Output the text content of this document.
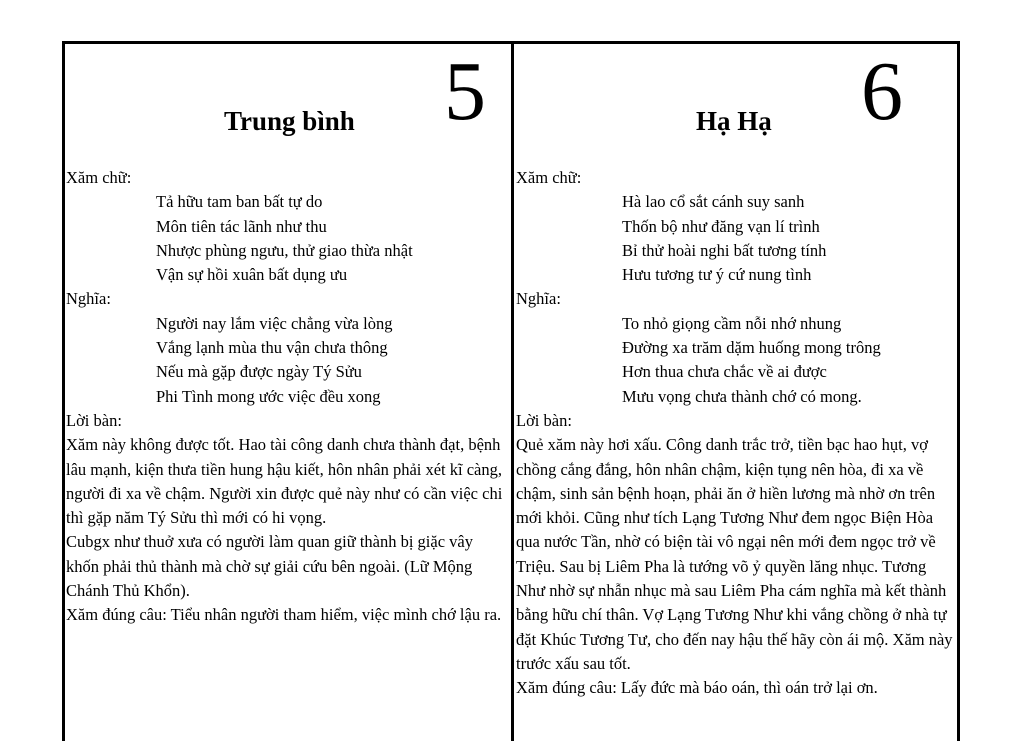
Trung bình 5
Xăm chữ:
Tả hữu tam ban bất tự do
Môn tiên tác lãnh như thu
Nhược phùng ngưu, thử giao thừa nhật
Vận sự hồi xuân bất dụng ưu
Nghĩa:
Người nay lắm việc chẳng vừa lòng
Vắng lạnh mùa thu vận chưa thông
Nếu mà gặp được ngày Tý Sửu
Phi Tình mong ước việc đều xong
Lời bàn:

Xăm này không được tốt. Hao tài công danh chưa thành đạt, bệnh lâu mạnh, kiện thưa tiền hung hậu kiết, hôn nhân phải xét kĩ càng, người đi xa về chậm. Người xin được quẻ này như có cần việc chi thì gặp năm Tý Sửu thì mới có hi vọng.

Cubgx như thuở xưa có người làm quan giữ thành bị giặc vây khốn phải thủ thành mà chờ sự giải cứu bên ngoài. (Lữ Mộng Chánh Thủ Khổn).

Xăm đúng câu: Tiểu nhân người tham hiểm, việc mình chớ lậu ra.

Hạ Hạ 6
Xăm chữ:
Hà lao cổ sắt cánh suy sanh
Thốn bộ như đăng vạn lí trình
Bỉ thử hoài nghi bất tương tính
Hưu tương tư ý cứ nung tình
Nghĩa:
To nhỏ giọng cầm nỗi nhớ nhung
Đường xa trăm dặm huống mong trông
Hơn thua chưa chắc về ai được
Mưu vọng chưa thành chớ có mong.
Lời bàn:

Quẻ xăm này hơi xấu. Công danh trắc trở, tiền bạc hao hụt, vợ chồng cắng đắng, hôn nhân chậm, kiện tụng nên hòa, đi xa về chậm, sinh sản bệnh hoạn, phải ăn ở hiền lương mà nhờ ơn trên mới khỏi. Cũng như tích Lạng Tương Như đem ngọc Biện Hòa qua nước Tần, nhờ có biện tài vô ngại nên mới đem ngọc trở về Triệu. Sau bị Liêm Pha là tướng võ ỷ quyền lăng nhục. Tương Như nhờ sự nhẫn nhục mà sau Liêm Pha cám nghĩa mà kết thành bằng hữu chí thân. Vợ Lạng Tương Như khi vắng chồng ở nhà tự đặt Khúc Tương Tư, cho đến nay hậu thế hãy còn ái mộ. Xăm này trước xấu sau tốt.

Xăm đúng câu: Lấy đức mà báo oán, thì oán trở lại ơn.
